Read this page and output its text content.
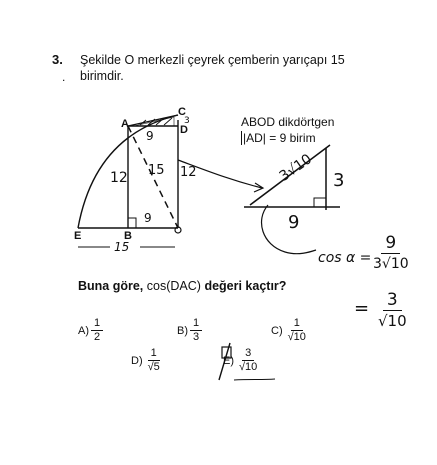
3. Şekilde O merkezli çeyrek çemberin yarıçapı 15 birimdir.
.
A
B
C
D
E
3	ABOD dikdörtgen
|AD| = 9 birim
12	12
15
9
9
15
3√10 3
9
cos α =
9
3√10
= $\frac{3}{√10}$
Buna göre, cos(DAC) değeri kaçtır?
$A) \frac{1}{2}$	$B) \frac{1}{3}$	$C) \frac{1}{√10}$
$D) \frac{1}{√5}$	$E) \frac{3}{√10}$
